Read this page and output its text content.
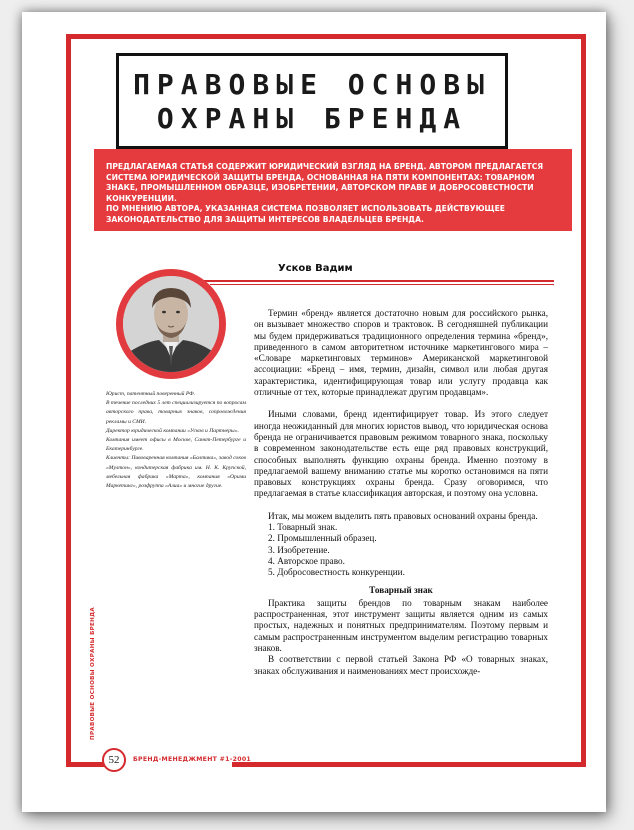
ПРАВОВЫЕ ОСНОВЫ
ОХРАНЫ БРЕНДА

ПРЕДЛАГАЕМАЯ СТАТЬЯ СОДЕРЖИТ ЮРИДИЧЕСКИЙ ВЗГЛЯД НА БРЕНД. АВТОРОМ ПРЕДЛАГАЕТСЯ СИСТЕМА ЮРИДИЧЕСКОЙ ЗАЩИТЫ БРЕНДА, ОСНОВАННАЯ НА ПЯТИ КОМПОНЕНТАХ: ТОВАРНОМ ЗНАКЕ, ПРОМЫШЛЕННОМ ОБРАЗЦЕ, ИЗОБРЕТЕНИИ, АВТОРСКОМ ПРАВЕ И ДОБРОСОВЕСТНОСТИ КОНКУРЕНЦИИ.

ПО МНЕНИЮ АВТОРА, УКАЗАННАЯ СИСТЕМА ПОЗВОЛЯЕТ ИСПОЛЬЗОВАТЬ ДЕЙСТВУЮЩЕЕ ЗАКОНОДАТЕЛЬСТВО ДЛЯ ЗАЩИТЫ ИНТЕРЕСОВ ВЛАДЕЛЬЦЕВ БРЕНДА.

Усков Вадим

Юрист, патентный поверенный РФ.

В течение последних 5 лет специализируется по вопросам авторского права, товарных знаков, сопровождения рекламы и СМИ.

Директор юридической компании «Усков и Партнеры».

Компания имеет офисы в Москве, Санкт-Петербурге и Екатеринбурге.

Клиенты: Пивоваренная компания «Балтика», завод соков «Мултон», кондитерская фабрика им. Н. К. Крупской, мебельная фабрика «Марта», компания «Орими Маркетинг», розфруппа «Алиа» и многие другие.

Термин «бренд» является достаточно новым для российского рынка, он вызывает множество споров и трактовок. В сегодняшней публикации мы будем придерживаться традиционного определения термина «бренд», приведенного в самом авторитетном источнике маркетингового мира – «Словаре маркетинговых терминов» Американской маркетинговой ассоциации: «Бренд – имя, термин, дизайн, символ или любая другая характеристика, идентифицирующая товар или услугу продавца как отличные от тех, которые принадлежат другим продавцам».

Иными словами, бренд идентифицирует товар. Из этого следует иногда неожиданный для многих юристов вывод, что юридическая основа бренда не ограничивается правовым режимом товарного знака, поскольку в современном законодательстве есть еще ряд правовых конструкций, способных выполнять функцию охраны бренда. Именно поэтому в предлагаемой вашему вниманию статье мы коротко остановимся на пяти правовых конструкциях охраны бренда. Сразу оговоримся, что предлагаемая в статье классификация авторская, и поэтому она условна.

Итак, мы можем выделить пять правовых оснований охраны бренда.

1. Товарный знак.
2. Промышленный образец.
3. Изобретение.
4. Авторское право.
5. Добросовестность конкуренции.
Товарный знак

Практика защиты брендов по товарным знакам наиболее распространенная, этот инструмент защиты является одним из самых простых, надежных и понятных предпринимателям. Поэтому первым и самым распространенным инструментом выделим регистрацию товарных знаков.

В соответствии с первой статьей Закона РФ «О товарных знаках, знаках обслуживания и наименованиях мест происхожде-

ПРАВОВЫЕ ОСНОВЫ ОХРАНЫ БРЕНДА
52	БРЕНД-МЕНЕДЖМЕНТ #1-2001
